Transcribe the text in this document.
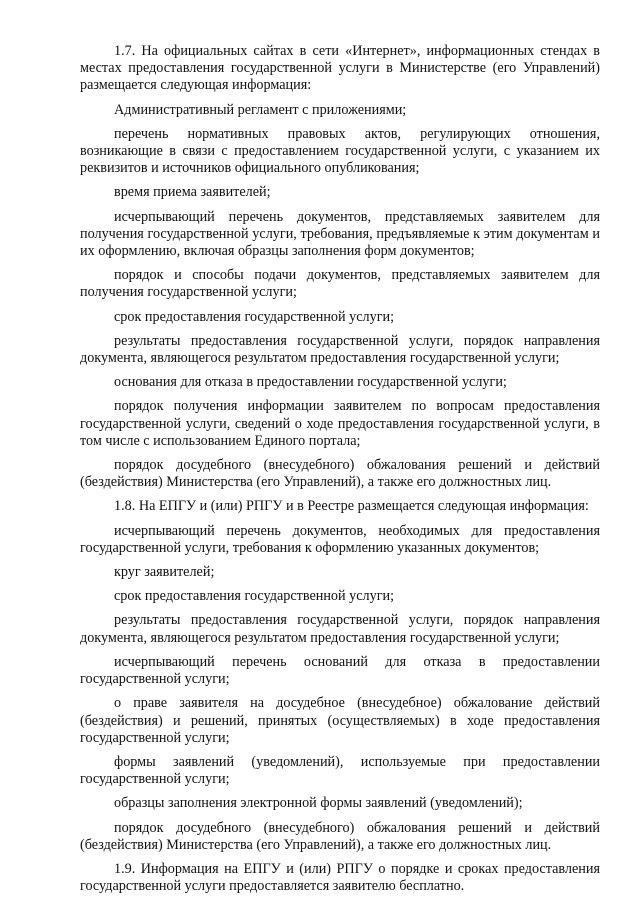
1.7. На официальных сайтах в сети «Интернет», информационных стендах в местах предоставления государственной услуги в Министерстве (его Управлений) размещается следующая информация:

Административный регламент с приложениями;

перечень нормативных правовых актов, регулирующих отношения, возникающие в связи с предоставлением государственной услуги, с указанием их реквизитов и источников официального опубликования;

время приема заявителей;

исчерпывающий перечень документов, представляемых заявителем для получения государственной услуги, требования, предъявляемые к этим документам и их оформлению, включая образцы заполнения форм документов;

порядок и способы подачи документов, представляемых заявителем для получения государственной услуги;

срок предоставления государственной услуги;

результаты предоставления государственной услуги, порядок направления документа, являющегося результатом предоставления государственной услуги;

основания для отказа в предоставлении государственной услуги;

порядок получения информации заявителем по вопросам предоставления государственной услуги, сведений о ходе предоставления государственной услуги, в том числе с использованием Единого портала;

порядок досудебного (внесудебного) обжалования решений и действий (бездействия) Министерства (его Управлений), а также его должностных лиц.

1.8. На ЕПГУ и (или) РПГУ и в Реестре размещается следующая информация:

исчерпывающий перечень документов, необходимых для предоставления государственной услуги, требования к оформлению указанных документов;

круг заявителей;

срок предоставления государственной услуги;

результаты предоставления государственной услуги, порядок направления документа, являющегося результатом предоставления государственной услуги;

исчерпывающий перечень оснований для отказа в предоставлении государственной услуги;

о праве заявителя на досудебное (внесудебное) обжалование действий (бездействия) и решений, принятых (осуществляемых) в ходе предоставления государственной услуги;

формы заявлений (уведомлений), используемые при предоставлении государственной услуги;

образцы заполнения электронной формы заявлений (уведомлений);

порядок досудебного (внесудебного) обжалования решений и действий (бездействия) Министерства (его Управлений), а также его должностных лиц.

1.9. Информация на ЕПГУ и (или) РПГУ о порядке и сроках предоставления государственной услуги предоставляется заявителю бесплатно.
